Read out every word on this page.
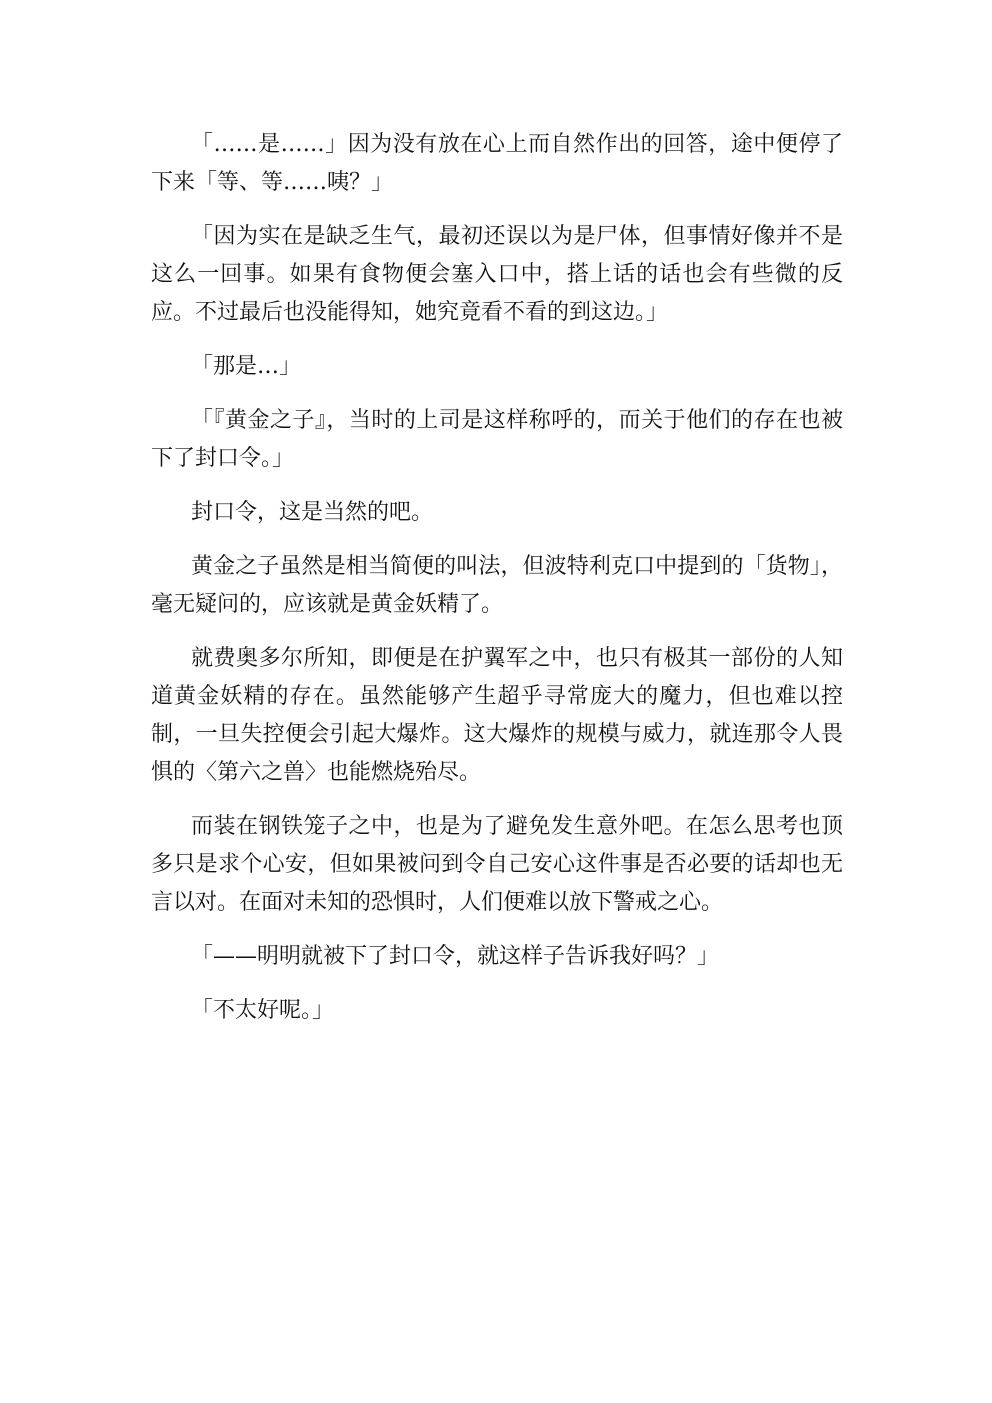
「……是……」因为没有放在心上而自然作出的回答，途中便停了下来「等、等……咦？」

「因为实在是缺乏生气，最初还误以为是尸体，但事情好像并不是这么一回事。如果有食物便会塞入口中，搭上话的话也会有些微的反应。不过最后也没能得知，她究竟看不看的到这边。」

「那是…」

「『黄金之子』，当时的上司是这样称呼的，而关于他们的存在也被下了封口令。」

封口令，这是当然的吧。

黄金之子虽然是相当简便的叫法，但波特利克口中提到的「货物」，毫无疑问的，应该就是黄金妖精了。

就费奥多尔所知，即便是在护翼军之中，也只有极其一部份的人知道黄金妖精的存在。虽然能够产生超乎寻常庞大的魔力，但也难以控制，一旦失控便会引起大爆炸。这大爆炸的规模与威力，就连那令人畏惧的〈第六之兽〉也能燃烧殆尽。

而装在钢铁笼子之中，也是为了避免发生意外吧。在怎么思考也顶多只是求个心安，但如果被问到令自己安心这件事是否必要的话却也无言以对。在面对未知的恐惧时，人们便难以放下警戒之心。

「——明明就被下了封口令，就这样子告诉我好吗？」

「不太好呢。」
